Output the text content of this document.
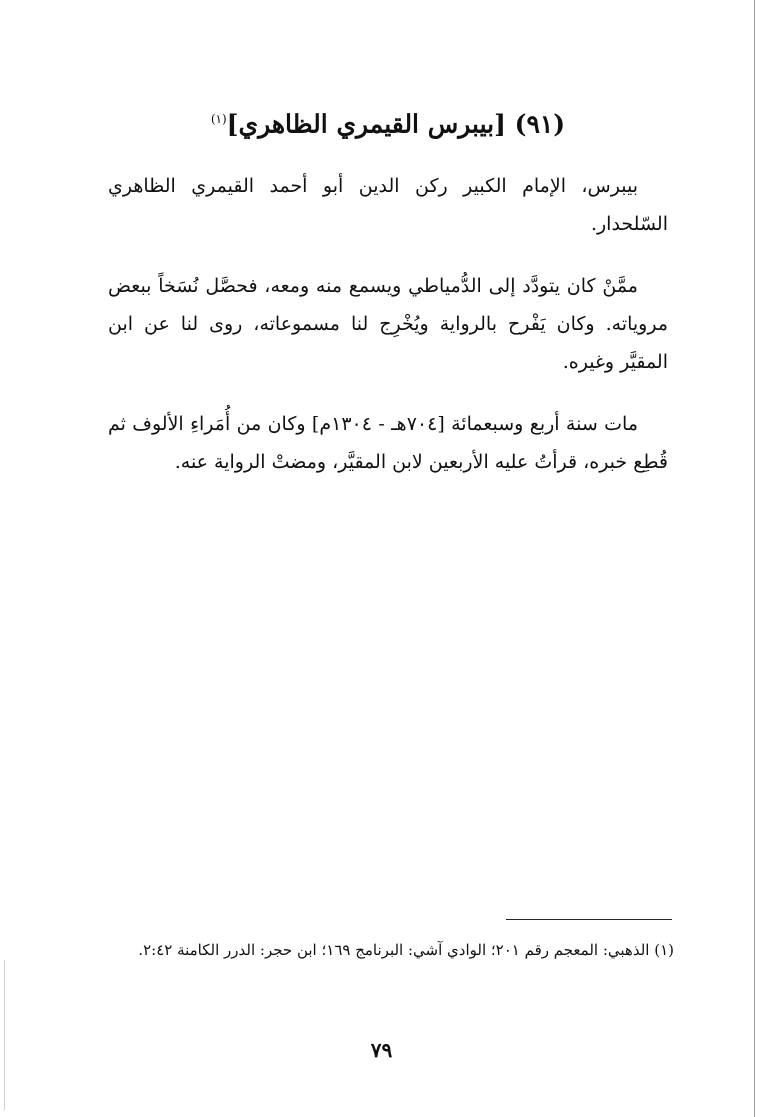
(٩١) [بيبرس القيمري الظاهري]$^{(١)}$

بيبرس، الإمام الكبير ركن الدين أبو أحمد القيمري الظاهري السّلحدار.

ممَّنْ كان يتودَّد إلى الدُّمياطي ويسمع منه ومعه، فحصَّل نُسَخاً ببعض مروياته. وكان يَفْرح بالرواية ويُخْرِج لنا مسموعاته، روى لنا عن ابن المقيَّر وغيره.

مات سنة أربع وسبعمائة [٧٠٤هـ - ١٣٠٤م] وكان من أُمَراءِ الألوف ثم قُطِع خبره، قرأتُ عليه الأربعين لابن المقيَّر، ومضتْ الرواية عنه.

(١) الذهبي: المعجم رقم ٢٠١؛ الوادي آشي: البرنامج ١٦٩؛ ابن حجر: الدرر الكامنة ٢:٤٢.
٧٩
